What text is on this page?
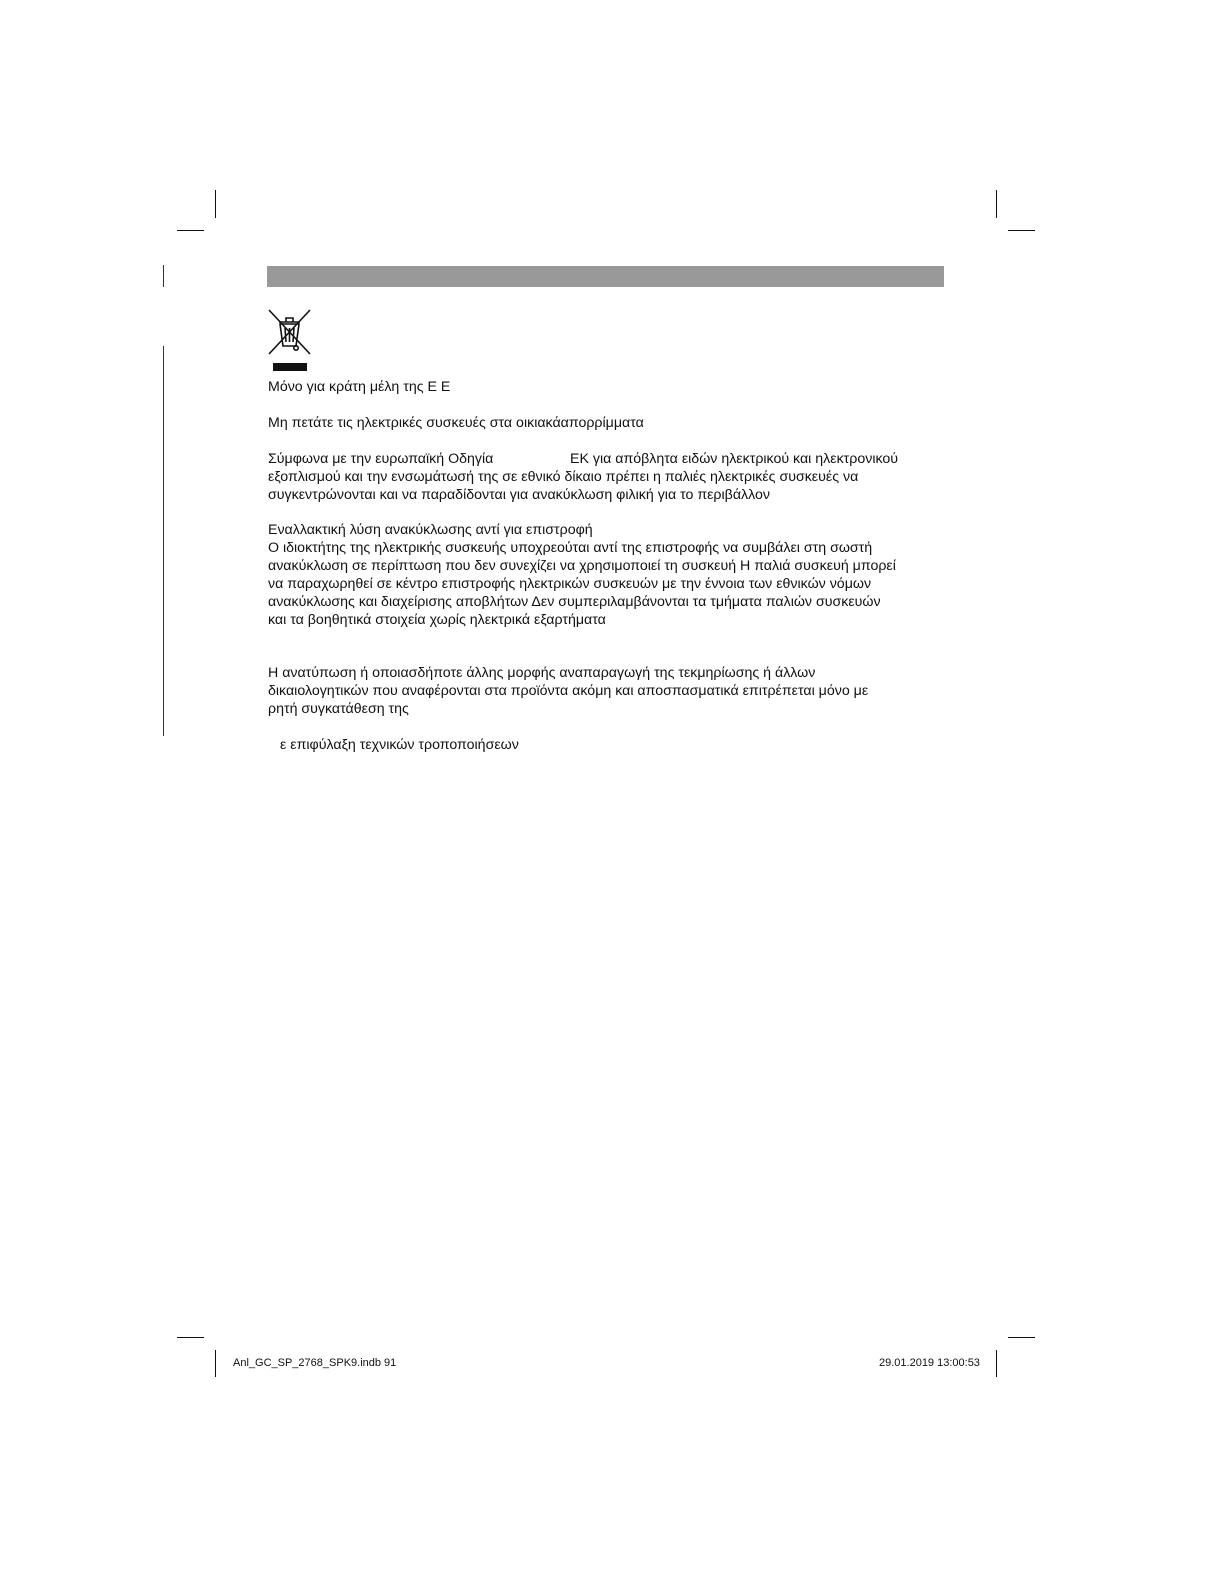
Μόνο για κράτη μέλη της Ε Ε

Μη πετάτε τις ηλεκτρικές συσκευές στα οικιακάαπορρίμματα

Σύμφωνα με την ευρωπαϊκή Οδηγία	ΕΚ για απόβλητα ειδών ηλεκτρικού και ηλεκτρονικού

εξοπλισμού και την ενσωμάτωσή της σε εθνικό δίκαιο πρέπει η παλιές ηλεκτρικές συσκευές να

συγκεντρώνονται και να παραδίδονται για ανακύκλωση φιλική για το περιβάλλον

Εναλλακτική λύση ανακύκλωσης αντί για επιστροφή

Ο ιδιοκτήτης της ηλεκτρικής συσκευής υποχρεούται αντί της επιστροφής να συμβάλει στη σωστή

ανακύκλωση σε περίπτωση που δεν συνεχίζει να χρησιμοποιεί τη συσκευή Η παλιά συσκευή μπορεί

να παραχωρηθεί σε κέντρο επιστροφής ηλεκτρικών συσκευών με την έννοια των εθνικών νόμων

ανακύκλωσης και διαχείρισης αποβλήτων Δεν συμπεριλαμβάνονται τα τμήματα παλιών συσκευών

και τα βοηθητικά στοιχεία χωρίς ηλεκτρικά εξαρτήματα

Η ανατύπωση ή οποιασδήποτε άλλης μορφής αναπαραγωγή της τεκμηρίωσης ή άλλων

δικαιολογητικών που αναφέρονται στα προϊόντα ακόμη και αποσπασματικά επιτρέπεται μόνο με

ρητή συγκατάθεση της

ε επιφύλαξη τεχνικών τροποποιήσεων

Anl_GC_SP_2768_SPK9.indb 91	29.01.2019 13:00:53
